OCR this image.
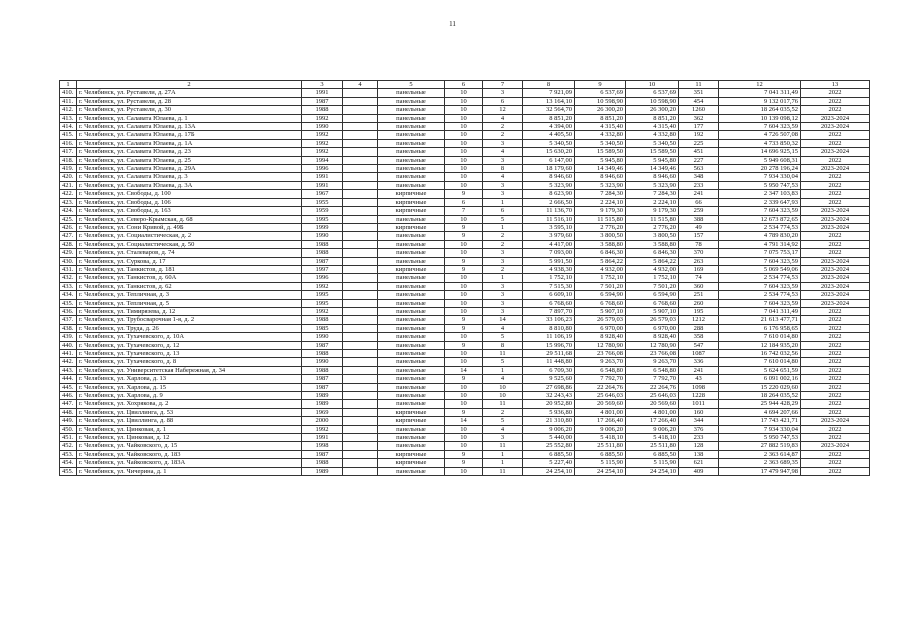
11
1	2	3	4	5	6	7	8	9	10	11	12	13
410.	г. Челябинск, ул. Руставели, д. 27А	1991		панельные	10	3	7 921,09	6 537,69	6 537,69	351	7 041 311,49	2022
411.	г. Челябинск, ул. Руставели, д. 28	1987		панельные	10	6	13 164,10	10 598,90	10 598,90	454	9 132 017,76	2022
412.	г. Челябинск, ул. Руставели, д. 30	1988		панельные	10	12	32 564,70	26 300,20	26 300,20	1260	18 264 035,52	2022
413.	г. Челябинск, ул. Салавата Юлаева, д. 1	1992		панельные	10	4	8 851,20	8 851,20	8 851,20	362	10 139 098,12	2023-2024
414.	г. Челябинск, ул. Салавата Юлаева, д. 13А	1990		панельные	10	2	4 394,00	4 315,40	4 315,40	177	7 604 323,59	2023-2024
415.	г. Челябинск, ул. Салавата Юлаева, д. 17Б	1992		панельные	10	2	4 405,50	4 332,80	4 332,80	192	4 726 507,08	2022
416.	г. Челябинск, ул. Салавата Юлаева, д. 1А	1992		панельные	10	3	5 340,50	5 340,50	5 340,50	225	4 733 850,32	2022
417.	г. Челябинск, ул. Салавата Юлаева, д. 23	1992		панельные	10	4	15 630,20	15 589,50	15 589,50	451	14 696 925,15	2023-2024
418.	г. Челябинск, ул. Салавата Юлаева, д. 25	1994		панельные	10	3	6 147,00	5 945,80	5 945,80	227	5 949 608,31	2022
419.	г. Челябинск, ул. Салавата Юлаева, д. 29А	1996		панельные	10	8	18 179,60	14 349,46	14 349,46	563	20 278 196,24	2023-2024
420.	г. Челябинск, ул. Салавата Юлаева, д. 3	1991		панельные	10	4	8 946,60	8 946,60	8 946,60	348	7 934 330,04	2022
421.	г. Челябинск, ул. Салавата Юлаева, д. 3А	1991		панельные	10	3	5 323,90	5 323,90	5 323,90	233	5 950 747,53	2022
422.	г. Челябинск, ул. Свободы, д. 100	1967		кирпичные	9	3	8 623,90	7 284,30	7 284,30	241	2 347 103,83	2022
423.	г. Челябинск, ул. Свободы, д. 106	1955		кирпичные	6	1	2 666,50	2 224,10	2 224,10	66	2 339 647,93	2022
424.	г. Челябинск, ул. Свободы, д. 163	1959		кирпичные	7	6	11 136,70	9 179,30	9 179,30	259	7 604 323,59	2023-2024
425.	г. Челябинск, ул. Северо-Крымская, д. 68	1995		панельные	10	5	11 516,10	11 515,80	11 515,80	388	12 673 872,65	2023-2024
426.	г. Челябинск, ул. Сони Кривой, д. 49Б	1999		кирпичные	9	1	3 595,10	2 776,20	2 776,20	49	2 534 774,53	2023-2024
427.	г. Челябинск, ул. Социалистическая, д. 2	1990		панельные	9	2	3 979,60	3 800,50	3 800,50	157	4 789 830,20	2022
428.	г. Челябинск, ул. Социалистическая, д. 50	1988		панельные	10	2	4 417,00	3 588,80	3 588,80	78	4 791 314,92	2022
429.	г. Челябинск, ул. Сталеваров, д. 74	1988		панельные	10	3	7 093,00	6 846,30	6 846,30	370	7 075 753,17	2022
430.	г. Челябинск, ул. Суркова, д. 17	1987		панельные	9	3	5 991,50	5 864,22	5 864,22	263	7 604 323,59	2023-2024
431.	г. Челябинск, ул. Танкистов, д. 181	1997		кирпичные	9	2	4 938,30	4 932,00	4 932,00	169	5 069 549,06	2023-2024
432.	г. Челябинск, ул. Танкистов, д. 60А	1996		панельные	10	1	1 752,10	1 752,10	1 752,10	74	2 534 774,53	2023-2024
433.	г. Челябинск, ул. Танкистов, д. 62	1992		панельные	10	3	7 515,30	7 501,20	7 501,20	360	7 604 323,59	2023-2024
434.	г. Челябинск, ул. Тепличная, д. 3	1995		панельные	10	3	6 609,10	6 594,90	6 594,90	251	2 534 774,53	2023-2024
435.	г. Челябинск, ул. Тепличная, д. 5	1995		панельные	10	3	6 768,60	6 768,60	6 768,60	260	7 604 323,59	2023-2024
436.	г. Челябинск, ул. Тимирязева, д. 12	1992		панельные	10	3	7 897,70	5 907,10	5 907,10	195	7 041 311,49	2022
437.	г. Челябинск, ул. Трубосварочная 1-я, д. 2	1988		панельные	9	14	33 106,23	26 579,03	26 579,03	1212	21 613 477,71	2022
438.	г. Челябинск, ул. Труда, д. 26	1985		панельные	9	4	8 810,80	6 970,00	6 970,00	288	6 176 958,65	2022
439.	г. Челябинск, ул. Тухачевского, д. 10А	1990		панельные	10	5	11 106,19	8 928,40	8 928,40	358	7 610 014,80	2022
440.	г. Челябинск, ул. Тухачевского, д. 12	1987		панельные	9	8	15 996,70	12 780,90	12 780,90	547	12 184 935,20	2022
441.	г. Челябинск, ул. Тухачевского, д. 13	1988		панельные	10	11	29 511,68	23 766,08	23 766,08	1087	16 742 032,56	2022
442.	г. Челябинск, ул. Тухачевского, д. 8	1990		панельные	10	5	11 448,80	9 263,70	9 263,70	336	7 610 014,80	2022
443.	г. Челябинск, ул. Университетская Набережная, д. 34	1988		панельные	14	1	6 709,30	6 548,80	6 548,80	241	5 624 651,59	2022
444.	г. Челябинск, ул. Харлова, д. 13	1987		панельные	9	4	9 525,60	7 792,70	7 792,70	43	6 091 002,16	2022
445.	г. Челябинск, ул. Харлова, д. 15	1987		панельные	10	10	27 698,86	22 264,76	22 264,76	1098	15 220 029,60	2022
446.	г. Челябинск, ул. Харлова, д. 9	1989		панельные	10	10	32 243,43	25 646,03	25 646,03	1228	18 264 035,52	2022
447.	г. Челябинск, ул. Хохрякова, д. 2	1989		панельные	10	11	20 952,80	20 569,60	20 569,60	1011	25 944 428,29	2022
448.	г. Челябинск, ул. Цвиллинга, д. 53	1969		кирпичные	9	2	5 936,80	4 801,00	4 801,00	160	4 694 207,66	2022
449.	г. Челябинск, ул. Цвиллинга, д. 88	2000		кирпичные	14	5	21 310,80	17 266,40	17 266,40	344	17 743 421,71	2023-2024
450.	г. Челябинск, ул. Цинковая, д. 1	1992		панельные	10	4	9 006,20	9 006,20	9 006,20	376	7 934 330,04	2022
451.	г. Челябинск, ул. Цинковая, д. 12	1991		панельные	10	3	5 440,00	5 418,10	5 418,10	233	5 950 747,53	2022
452.	г. Челябинск, ул. Чайковского, д. 15	1998		панельные	10	11	25 552,80	25 511,80	25 511,80	128	27 882 519,83	2023-2024
453.	г. Челябинск, ул. Чайковского, д. 183	1987		кирпичные	9	1	6 885,50	6 885,50	6 885,50	138	2 363 614,87	2022
454.	г. Челябинск, ул. Чайковского, д. 183А	1988		кирпичные	9	1	5 227,40	5 115,90	5 115,90	621	2 363 689,35	2022
455.	г. Челябинск, ул. Чичерина, д. 1	1989		панельные	10	11	24 254,10	24 254,10	24 254,10	409	17 479 947,98	2022
